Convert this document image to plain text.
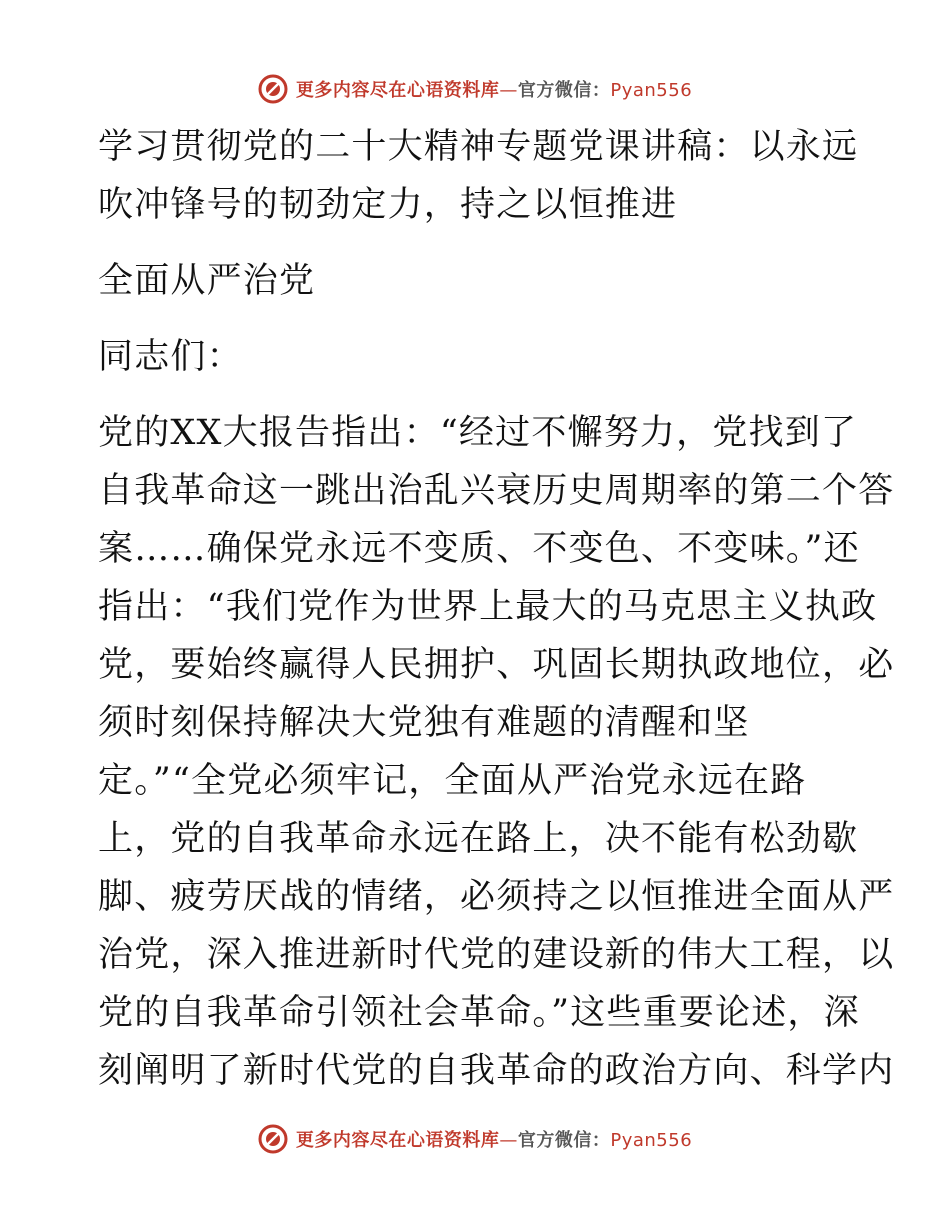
更多内容尽在心语资料库—官方微信：Pyan556
学习贯彻党的二十大精神专题党课讲稿：以永远
吹冲锋号的韧劲定力，持之以恒推进
全面从严治党
同志们：
党的XX大报告指出：“经过不懈努力，党找到了
自我革命这一跳出治乱兴衰历史周期率的第二个答
案……确保党永远不变质、不变色、不变味。”还
指出：“我们党作为世界上最大的马克思主义执政
党，要始终赢得人民拥护、巩固长期执政地位，必
须时刻保持解决大党独有难题的清醒和坚
定。”“全党必须牢记，全面从严治党永远在路
上，党的自我革命永远在路上，决不能有松劲歇
脚、疲劳厌战的情绪，必须持之以恒推进全面从严
治党，深入推进新时代党的建设新的伟大工程，以
党的自我革命引领社会革命。”这些重要论述，深
刻阐明了新时代党的自我革命的政治方向、科学内
更多内容尽在心语资料库—官方微信：Pyan556
